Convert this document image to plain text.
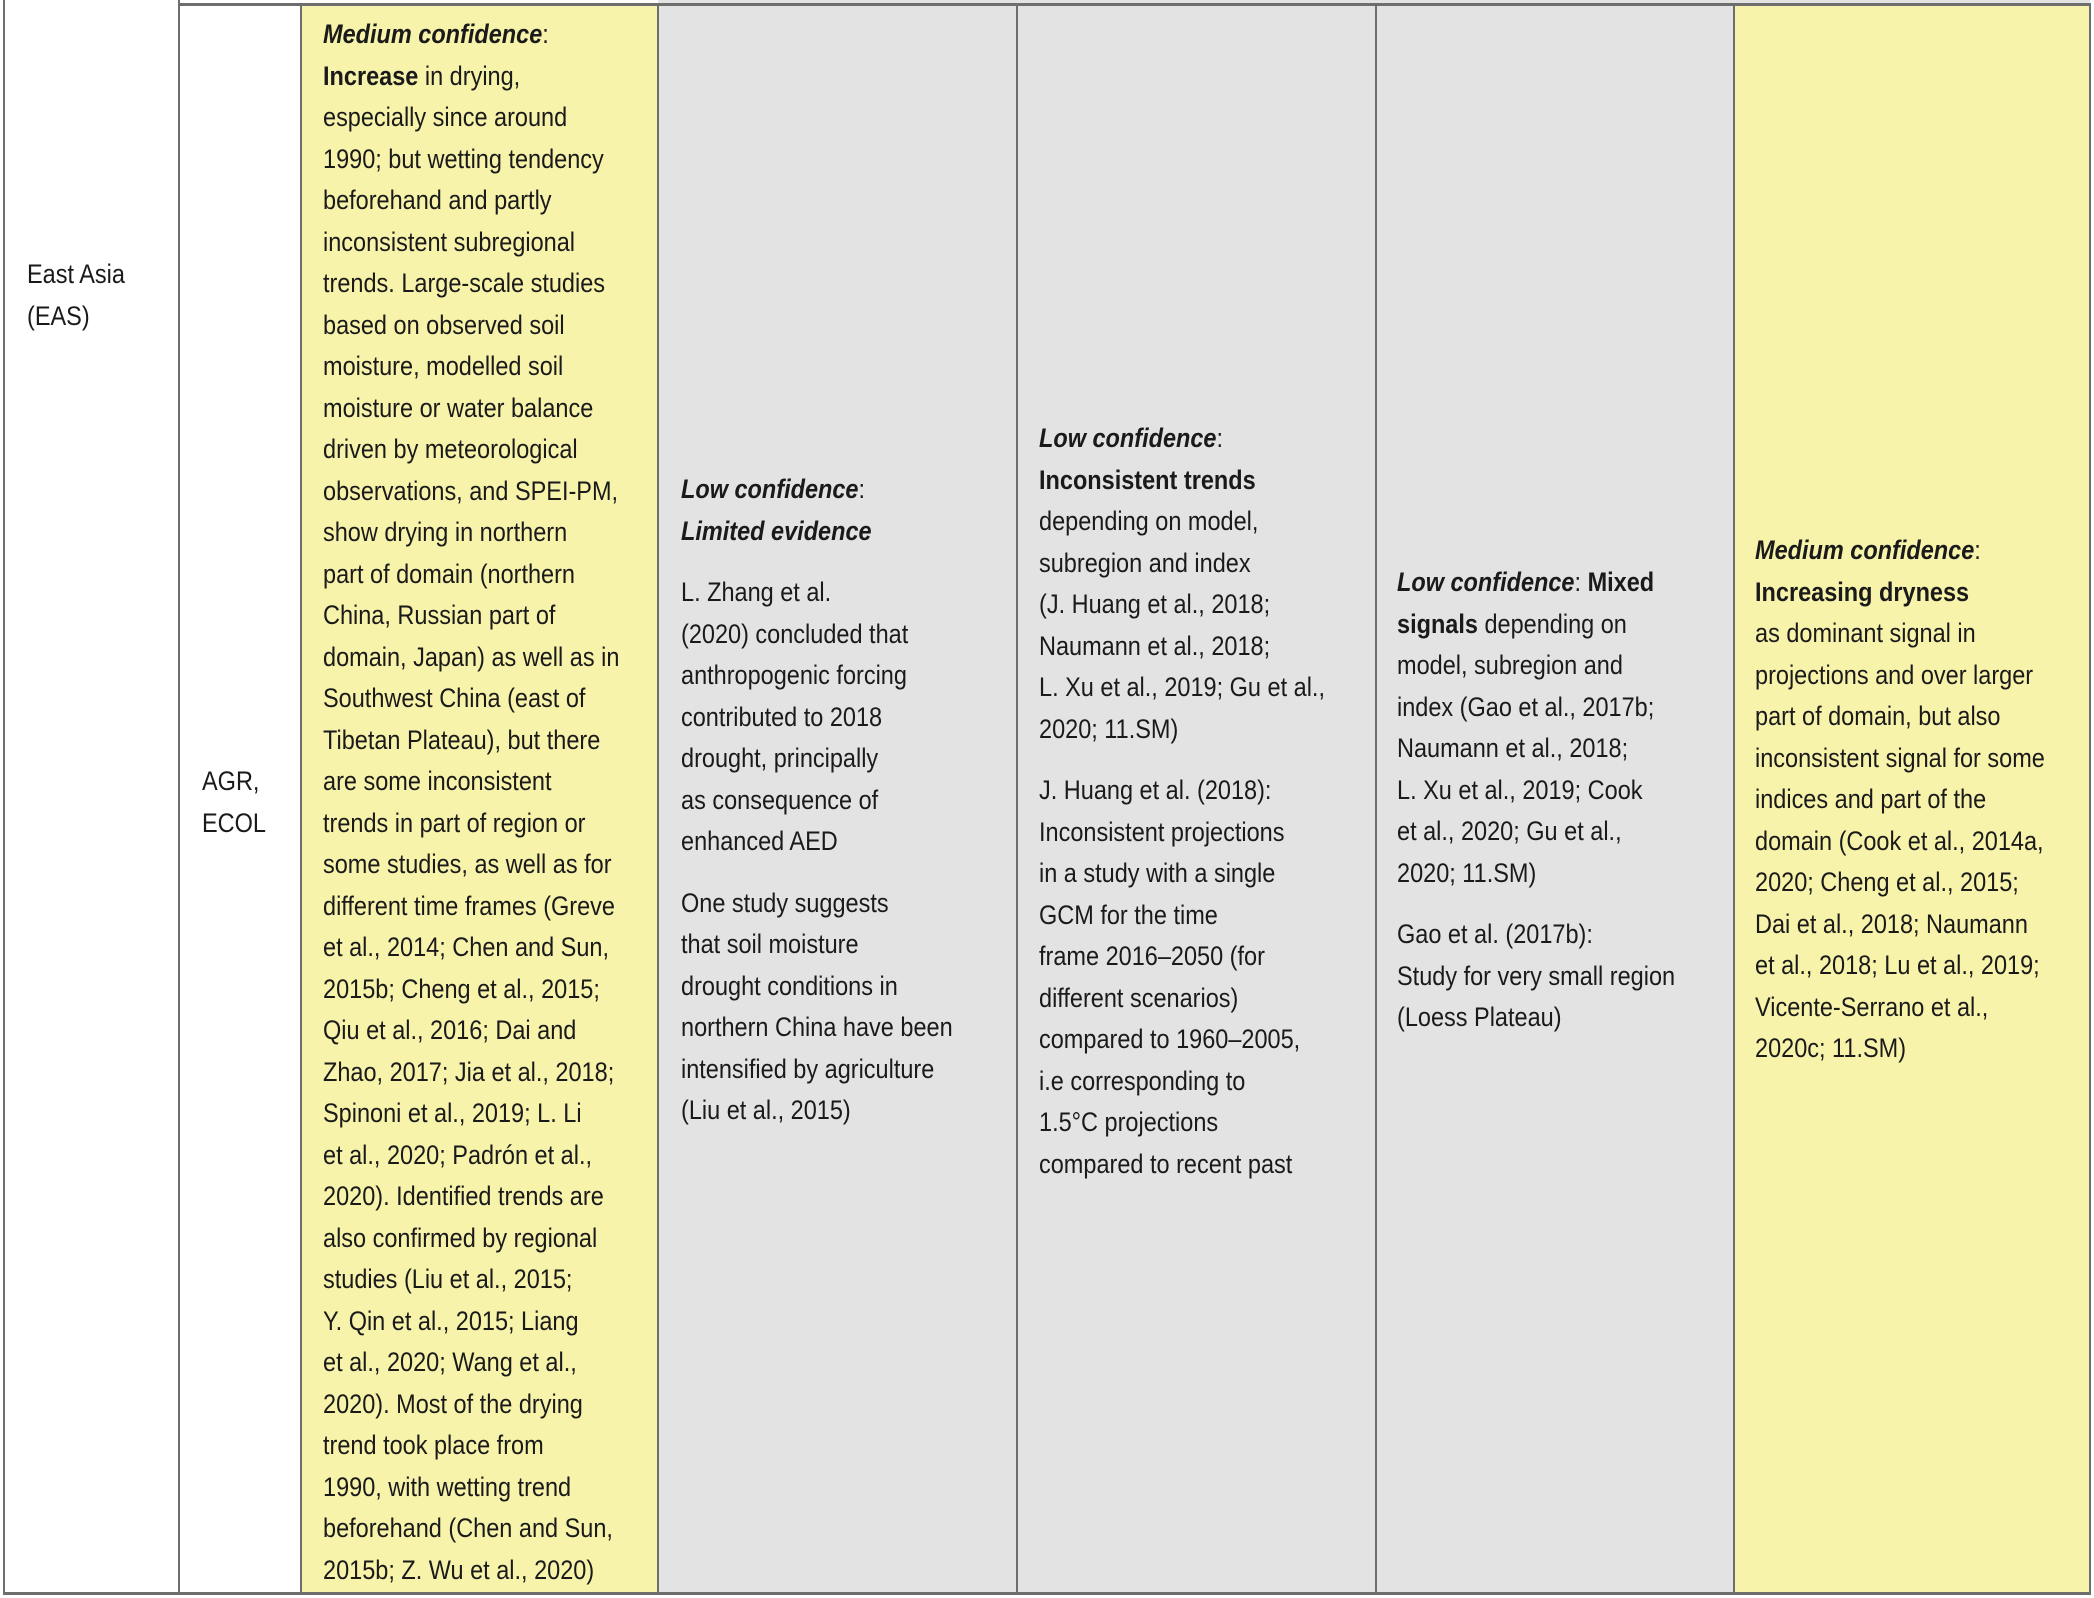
East Asia
(EAS)
AGR,
ECOL
Medium confidence:
Increase in drying,
especially since around
1990; but wetting tendency
beforehand and partly
inconsistent subregional
trends. Large-scale studies
based on observed soil
moisture, modelled soil
moisture or water balance
driven by meteorological
observations, and SPEI-PM,
show drying in northern
part of domain (northern
China, Russian part of
domain, Japan) as well as in
Southwest China (east of
Tibetan Plateau), but there
are some inconsistent
trends in part of region or
some studies, as well as for
different time frames (Greve
et al., 2014; Chen and Sun,
2015b; Cheng et al., 2015;
Qiu et al., 2016; Dai and
Zhao, 2017; Jia et al., 2018;
Spinoni et al., 2019; L. Li
et al., 2020; Padrón et al.,
2020). Identified trends are
also confirmed by regional
studies (Liu et al., 2015;
Y. Qin et al., 2015; Liang
et al., 2020; Wang et al.,
2020). Most of the drying
trend took place from
1990, with wetting trend
beforehand (Chen and Sun,
2015b; Z. Wu et al., 2020)
Low confidence:
Limited evidence
L. Zhang et al.
(2020) concluded that
anthropogenic forcing
contributed to 2018
drought, principally
as consequence of
enhanced AED
One study suggests
that soil moisture
drought conditions in
northern China have been
intensified by agriculture
(Liu et al., 2015)
Low confidence:
Inconsistent trends
depending on model,
subregion and index
(J. Huang et al., 2018;
Naumann et al., 2018;
L. Xu et al., 2019; Gu et al.,
2020; 11.SM)
J. Huang et al. (2018):
Inconsistent projections
in a study with a single
GCM for the time
frame 2016–2050 (for
different scenarios)
compared to 1960–2005,
i.e corresponding to
1.5°C projections
compared to recent past
Low confidence: Mixed
signals depending on
model, subregion and
index (Gao et al., 2017b;
Naumann et al., 2018;
L. Xu et al., 2019; Cook
et al., 2020; Gu et al.,
2020; 11.SM)
Gao et al. (2017b):
Study for very small region
(Loess Plateau)
Medium confidence:
Increasing dryness
as dominant signal in
projections and over larger
part of domain, but also
inconsistent signal for some
indices and part of the
domain (Cook et al., 2014a,
2020; Cheng et al., 2015;
Dai et al., 2018; Naumann
et al., 2018; Lu et al., 2019;
Vicente-Serrano et al.,
2020c; 11.SM)
